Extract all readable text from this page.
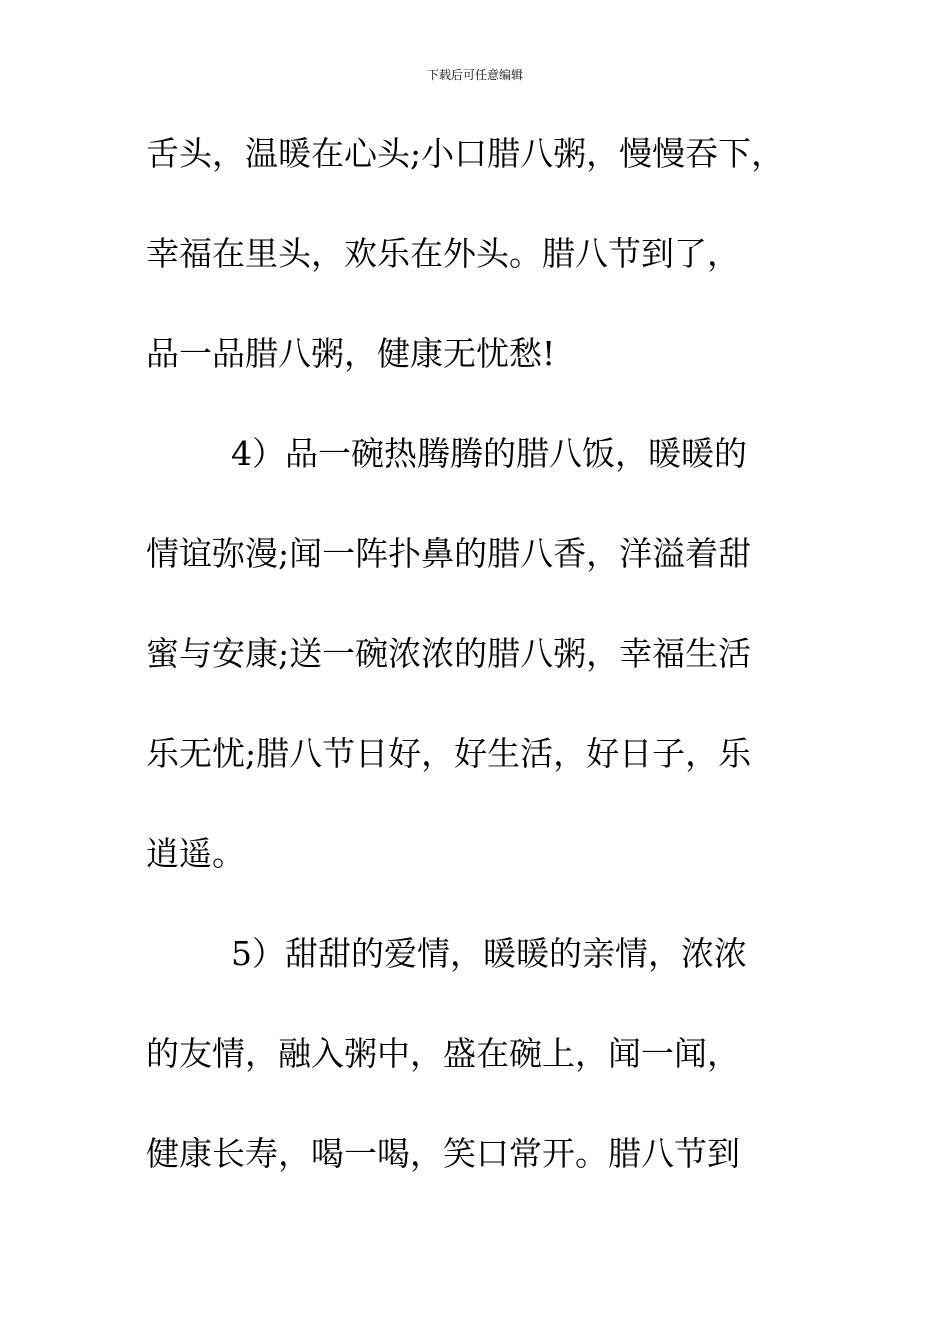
下载后可任意编辑
舌头，温暖在心头;小口腊八粥，慢慢吞下，
幸福在里头，欢乐在外头。腊八节到了，
品一品腊八粥，健康无忧愁!
4）品一碗热腾腾的腊八饭，暖暖的
情谊弥漫;闻一阵扑鼻的腊八香，洋溢着甜
蜜与安康;送一碗浓浓的腊八粥，幸福生活
乐无忧;腊八节日好，好生活，好日子，乐
逍遥。
5）甜甜的爱情，暖暖的亲情，浓浓
的友情，融入粥中，盛在碗上，闻一闻，
健康长寿，喝一喝，笑口常开。腊八节到
